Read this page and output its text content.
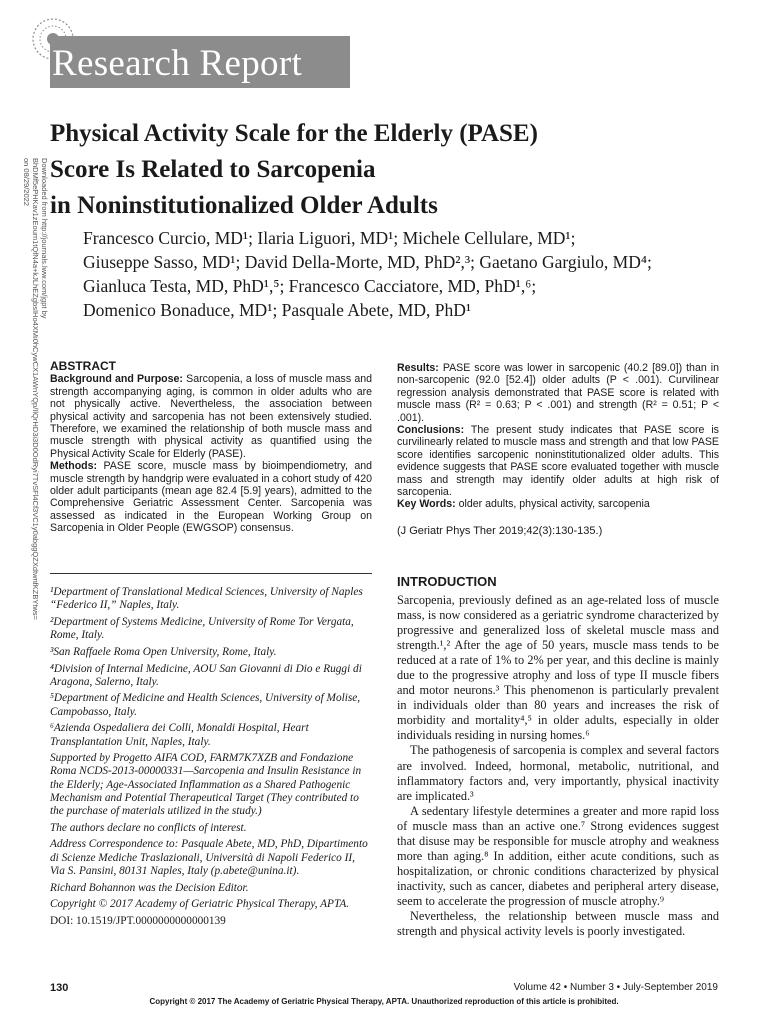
Research Report
Downloaded from http://journals.lww.com/jgpt by BhDMf5ePHKav1zEoum1tQfN4a+kJLhEZgbsIHo4XMi0hCywCX1AWnYQp/IlQrHD3i3D0OdRyi7TvSFl4Cf3VC1y0abggQZXdtwnfKZBYtws= on 08/29/2022
Physical Activity Scale for the Elderly (PASE)
Score Is Related to Sarcopenia
in Noninstitutionalized Older Adults
Francesco Curcio, MD¹; Ilaria Liguori, MD¹; Michele Cellulare, MD¹;
Giuseppe Sasso, MD¹; David Della-Morte, MD, PhD²,³; Gaetano Gargiulo, MD⁴;
Gianluca Testa, MD, PhD¹,⁵; Francesco Cacciatore, MD, PhD¹,⁶;
Domenico Bonaduce, MD¹; Pasquale Abete, MD, PhD¹
ABSTRACT

Background and Purpose: Sarcopenia, a loss of muscle mass and strength accompanying aging, is common in older adults who are not physically active. Nevertheless, the association between physical activity and sarcopenia has not been extensively studied. Therefore, we examined the relationship of both muscle mass and muscle strength with physical activity as quantified using the Physical Activity Scale for Elderly (PASE).

Methods: PASE score, muscle mass by bioimpendiometry, and muscle strength by handgrip were evaluated in a cohort study of 420 older adult participants (mean age 82.4 [5.9] years), admitted to the Comprehensive Geriatric Assessment Center. Sarcopenia was assessed as indicated in the European Working Group on Sarcopenia in Older People (EWGSOP) consensus.

Results: PASE score was lower in sarcopenic (40.2 [89.0]) than in non-sarcopenic (92.0 [52.4]) older adults (P < .001). Curvilinear regression analysis demonstrated that PASE score is related with muscle mass (R² = 0.63; P < .001) and strength (R² = 0.51; P < .001).

Conclusions: The present study indicates that PASE score is curvilinearly related to muscle mass and strength and that low PASE score identifies sarcopenic noninstitutionalized older adults. This evidence suggests that PASE score evaluated together with muscle mass and strength may identify older adults at high risk of sarcopenia.

Key Words: older adults, physical activity, sarcopenia

(J Geriatr Phys Ther 2019;42(3):130-135.)

¹Department of Translational Medical Sciences, University of Naples “Federico II,” Naples, Italy.

²Department of Systems Medicine, University of Rome Tor Vergata, Rome, Italy.

³San Raffaele Roma Open University, Rome, Italy.

⁴Division of Internal Medicine, AOU San Giovanni di Dio e Ruggi di Aragona, Salerno, Italy.

⁵Department of Medicine and Health Sciences, University of Molise, Campobasso, Italy.

⁶Azienda Ospedaliera dei Colli, Monaldi Hospital, Heart Transplantation Unit, Naples, Italy.

Supported by Progetto AIFA COD, FARM7K7XZB and Fondazione Roma NCDS-2013-00000331—Sarcopenia and Insulin Resistance in the Elderly; Age-Associated Inflammation as a Shared Pathogenic Mechanism and Potential Therapeutical Target (They contributed to the purchase of materials utilized in the study.)

The authors declare no conflicts of interest.

Address Correspondence to: Pasquale Abete, MD, PhD, Dipartimento di Scienze Mediche Traslazionali, Università di Napoli Federico II, Via S. Pansini, 80131 Naples, Italy (p.abete@unina.it).

Richard Bohannon was the Decision Editor.

Copyright © 2017 Academy of Geriatric Physical Therapy, APTA.

DOI: 10.1519/JPT.0000000000000139

INTRODUCTION

Sarcopenia, previously defined as an age-related loss of muscle mass, is now considered as a geriatric syndrome characterized by progressive and generalized loss of skeletal muscle mass and strength.¹,² After the age of 50 years, muscle mass tends to be reduced at a rate of 1% to 2% per year, and this decline is mainly due to the progressive atrophy and loss of type II muscle fibers and motor neurons.³ This phenomenon is particularly prevalent in individuals older than 80 years and increases the risk of morbidity and mortality⁴,⁵ in older adults, especially in older individuals residing in nursing homes.⁶

The pathogenesis of sarcopenia is complex and several factors are involved. Indeed, hormonal, metabolic, nutritional, and inflammatory factors and, very importantly, physical inactivity are implicated.³

A sedentary lifestyle determines a greater and more rapid loss of muscle mass than an active one.⁷ Strong evidences suggest that disuse may be responsible for muscle atrophy and weakness more than aging.⁸ In addition, either acute conditions, such as hospitalization, or chronic conditions characterized by physical inactivity, such as cancer, diabetes and peripheral artery disease, seem to accelerate the progression of muscle atrophy.⁹

Nevertheless, the relationship between muscle mass and strength and physical activity levels is poorly investigated.

130	Volume 42 • Number 3 • July-September 2019
Copyright © 2017 The Academy of Geriatric Physical Therapy, APTA. Unauthorized reproduction of this article is prohibited.
